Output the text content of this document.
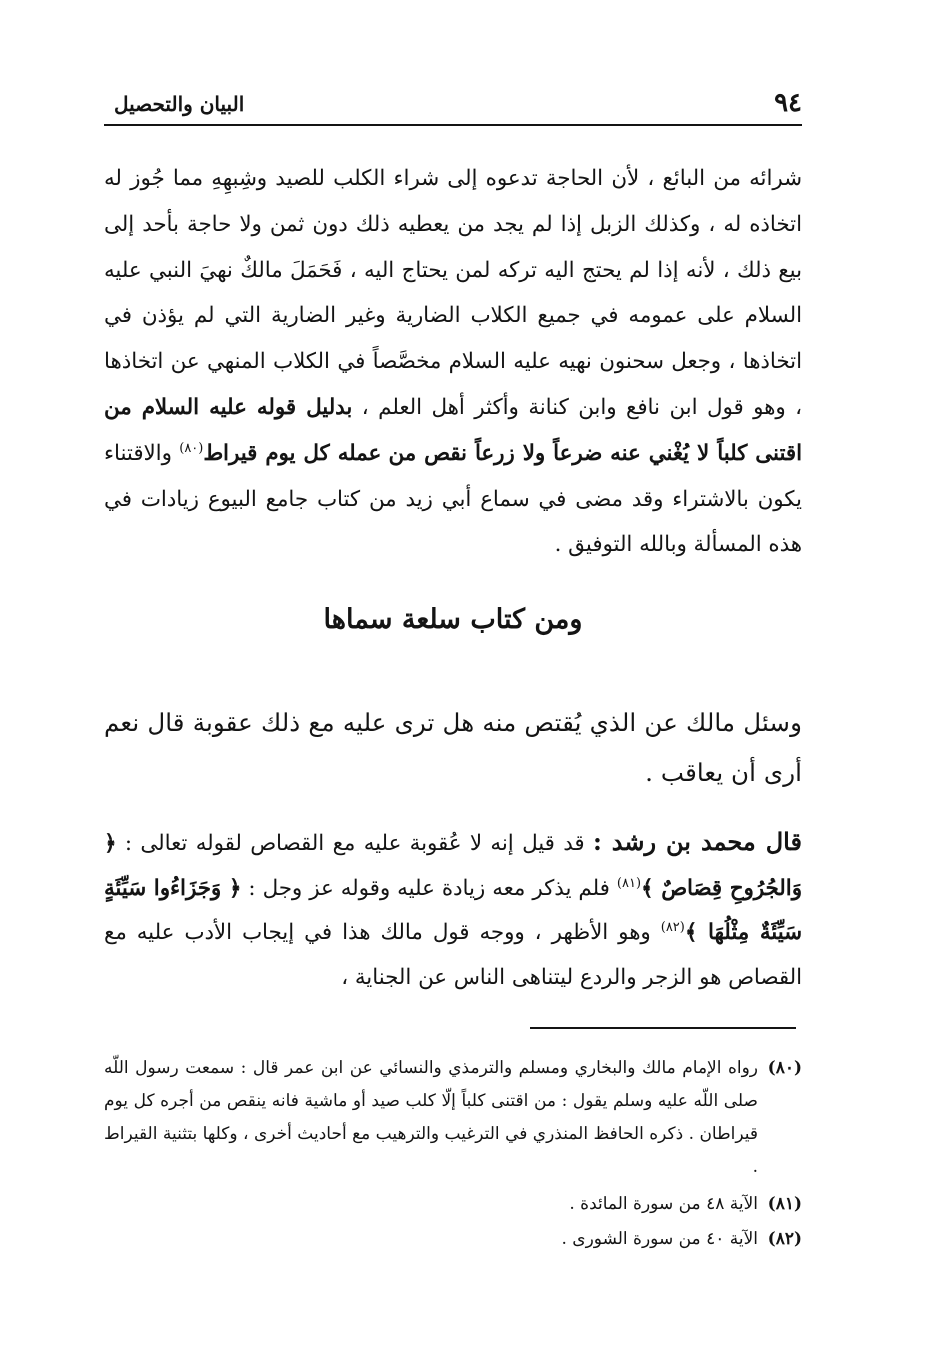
٩٤
البيان والتحصيل
شرائه من البائع ، لأن الحاجة تدعوه إلى شراء الكلب للصيد وشِبهِهِ مما جُوز له اتخاذه له ، وكذلك الزبل إذا لم يجد من يعطيه ذلك دون ثمن ولا حاجة بأحد إلى بيع ذلك ، لأنه إذا لم يحتج اليه تركه لمن يحتاج اليه ، فَحَمَلَ مالكٌ نهيَ النبي عليه السلام على عمومه في جميع الكلاب الضارية وغير الضارية التي لم يؤذن في اتخاذها ، وجعل سحنون نهيه عليه السلام مخصَّصاً في الكلاب المنهي عن اتخاذها ، وهو قول ابن نافع وابن كنانة وأكثر أهل العلم ، بدليل قوله عليه السلام من اقتنى كلباً لا يُغْني عنه ضرعاً ولا زرعاً نقص من عمله كل يوم قيراط$^{(٨٠)}$ والاقتناء يكون بالاشتراء وقد مضى في سماع أبي زيد من كتاب جامع البيوع زيادات في هذه المسألة وبالله التوفيق .
ومن كتاب سلعة سماها
وسئل مالك عن الذي يُقتص منه هل ترى عليه مع ذلك عقوبة قال نعم أرى أن يعاقب .
قال محمد بن رشد : قد قيل إنه لا عُقوبة عليه مع القصاص لقوله تعالى : ﴿ وَالجُرُوحِ قِصَاصٌ ﴾$^{(٨١)}$ فلم يذكر معه زيادة عليه وقوله عز وجل : ﴿ وَجَزَاءُوا سَيِّئَةٍ سَيِّئَةٌ مِثْلُهَا ﴾$^{(٨٢)}$ وهو الأظهر ، ووجه قول مالك هذا في إيجاب الأدب عليه مع القصاص هو الزجر والردع ليتناهى الناس عن الجناية ،
(٨٠)
رواه الإمام مالك والبخاري ومسلم والترمذي والنسائي عن ابن عمر قال : سمعت رسول اللّه صلى اللّه عليه وسلم يقول : من اقتنى كلباً إلّا كلب صيد أو ماشية فانه ينقص من أجره كل يوم قيراطان . ذكره الحافظ المنذري في الترغيب والترهيب مع أحاديث أخرى ، وكلها بتثنية القيراط .
(٨١)
الآية ٤٨ من سورة المائدة .
(٨٢)
الآية ٤٠ من سورة الشورى .
